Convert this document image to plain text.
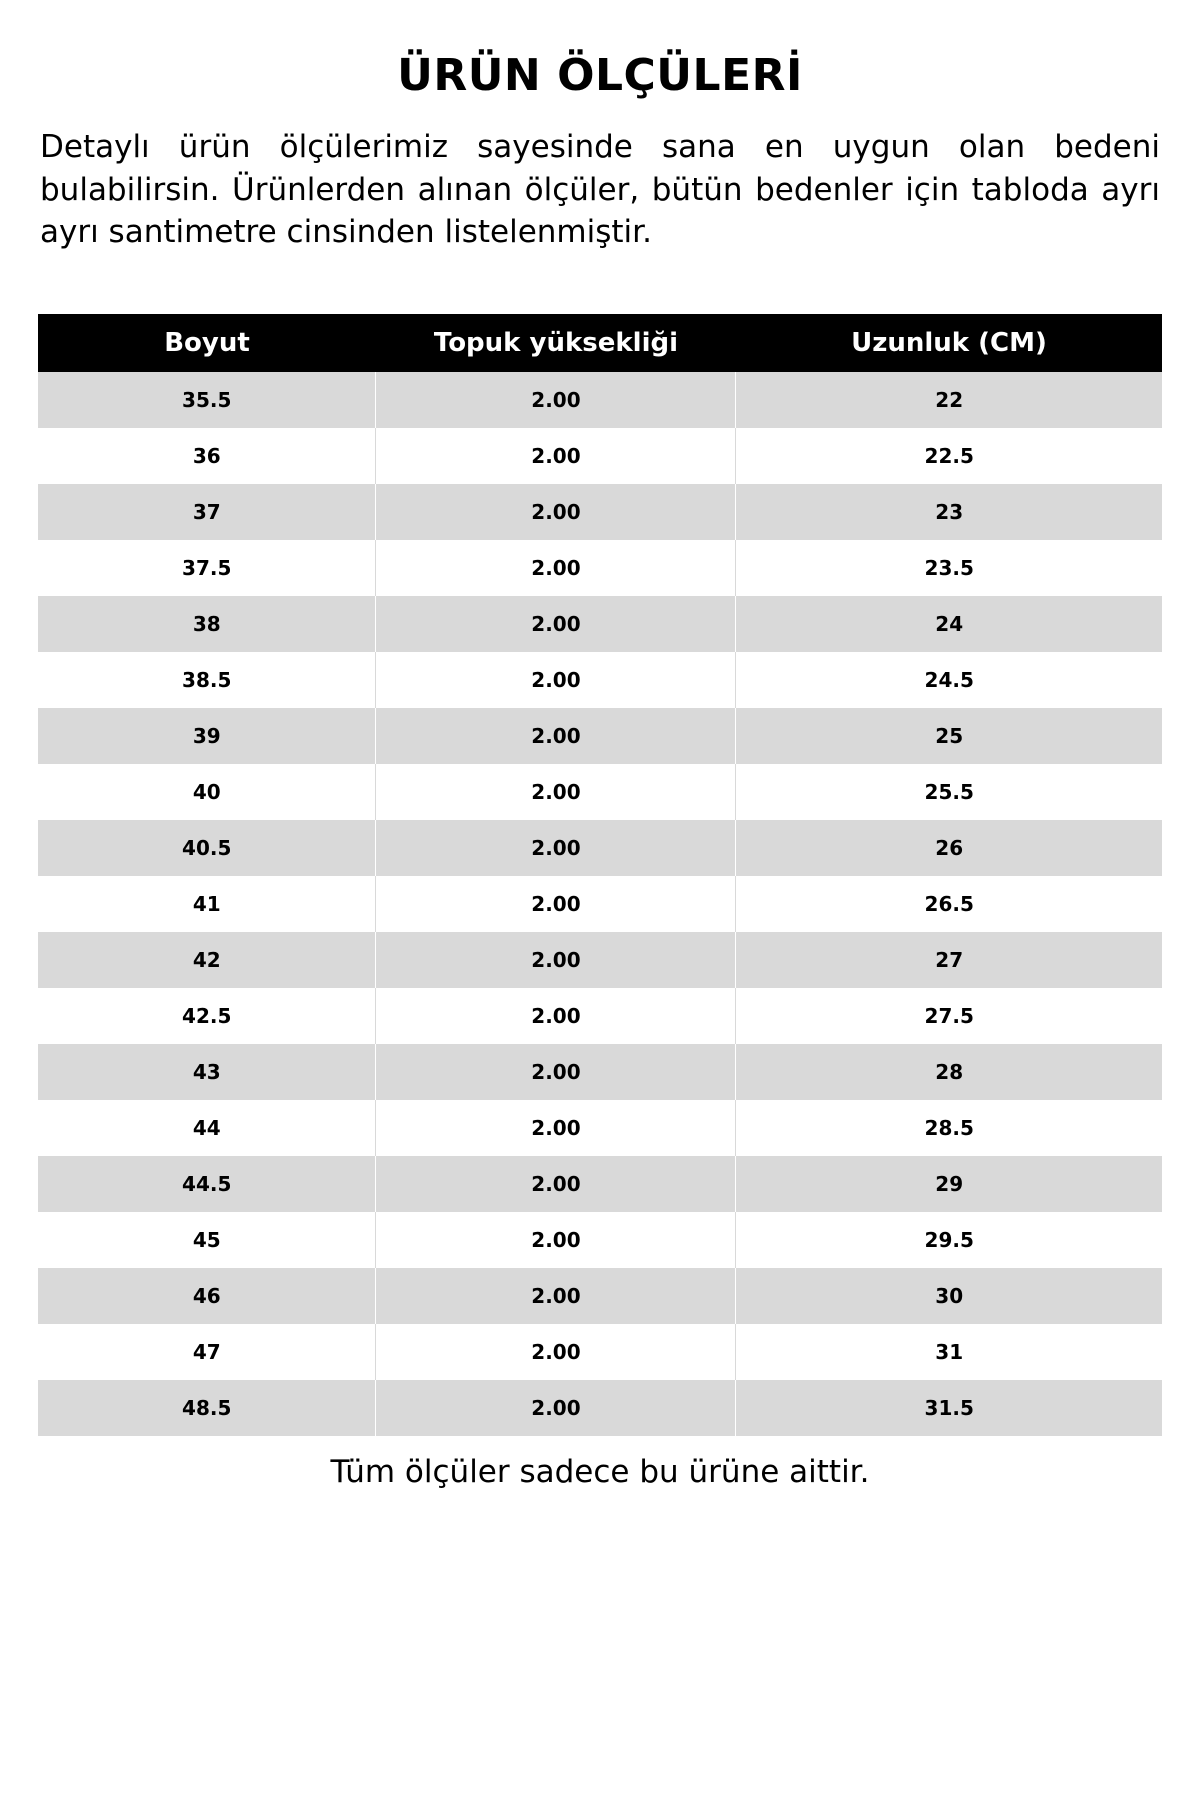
ÜRÜN ÖLÇÜLERİ

Detaylı ürün ölçülerimiz sayesinde sana en uygun olan bedeni bulabilirsin. Ürünlerden alınan ölçüler, bütün bedenler için tabloda ayrı ayrı santimetre cinsinden listelenmiştir.

Boyut	Topuk yüksekliği	Uzunluk (CM)
35.5	2.00	22
36	2.00	22.5
37	2.00	23
37.5	2.00	23.5
38	2.00	24
38.5	2.00	24.5
39	2.00	25
40	2.00	25.5
40.5	2.00	26
41	2.00	26.5
42	2.00	27
42.5	2.00	27.5
43	2.00	28
44	2.00	28.5
44.5	2.00	29
45	2.00	29.5
46	2.00	30
47	2.00	31
48.5	2.00	31.5

Tüm ölçüler sadece bu ürüne aittir.
